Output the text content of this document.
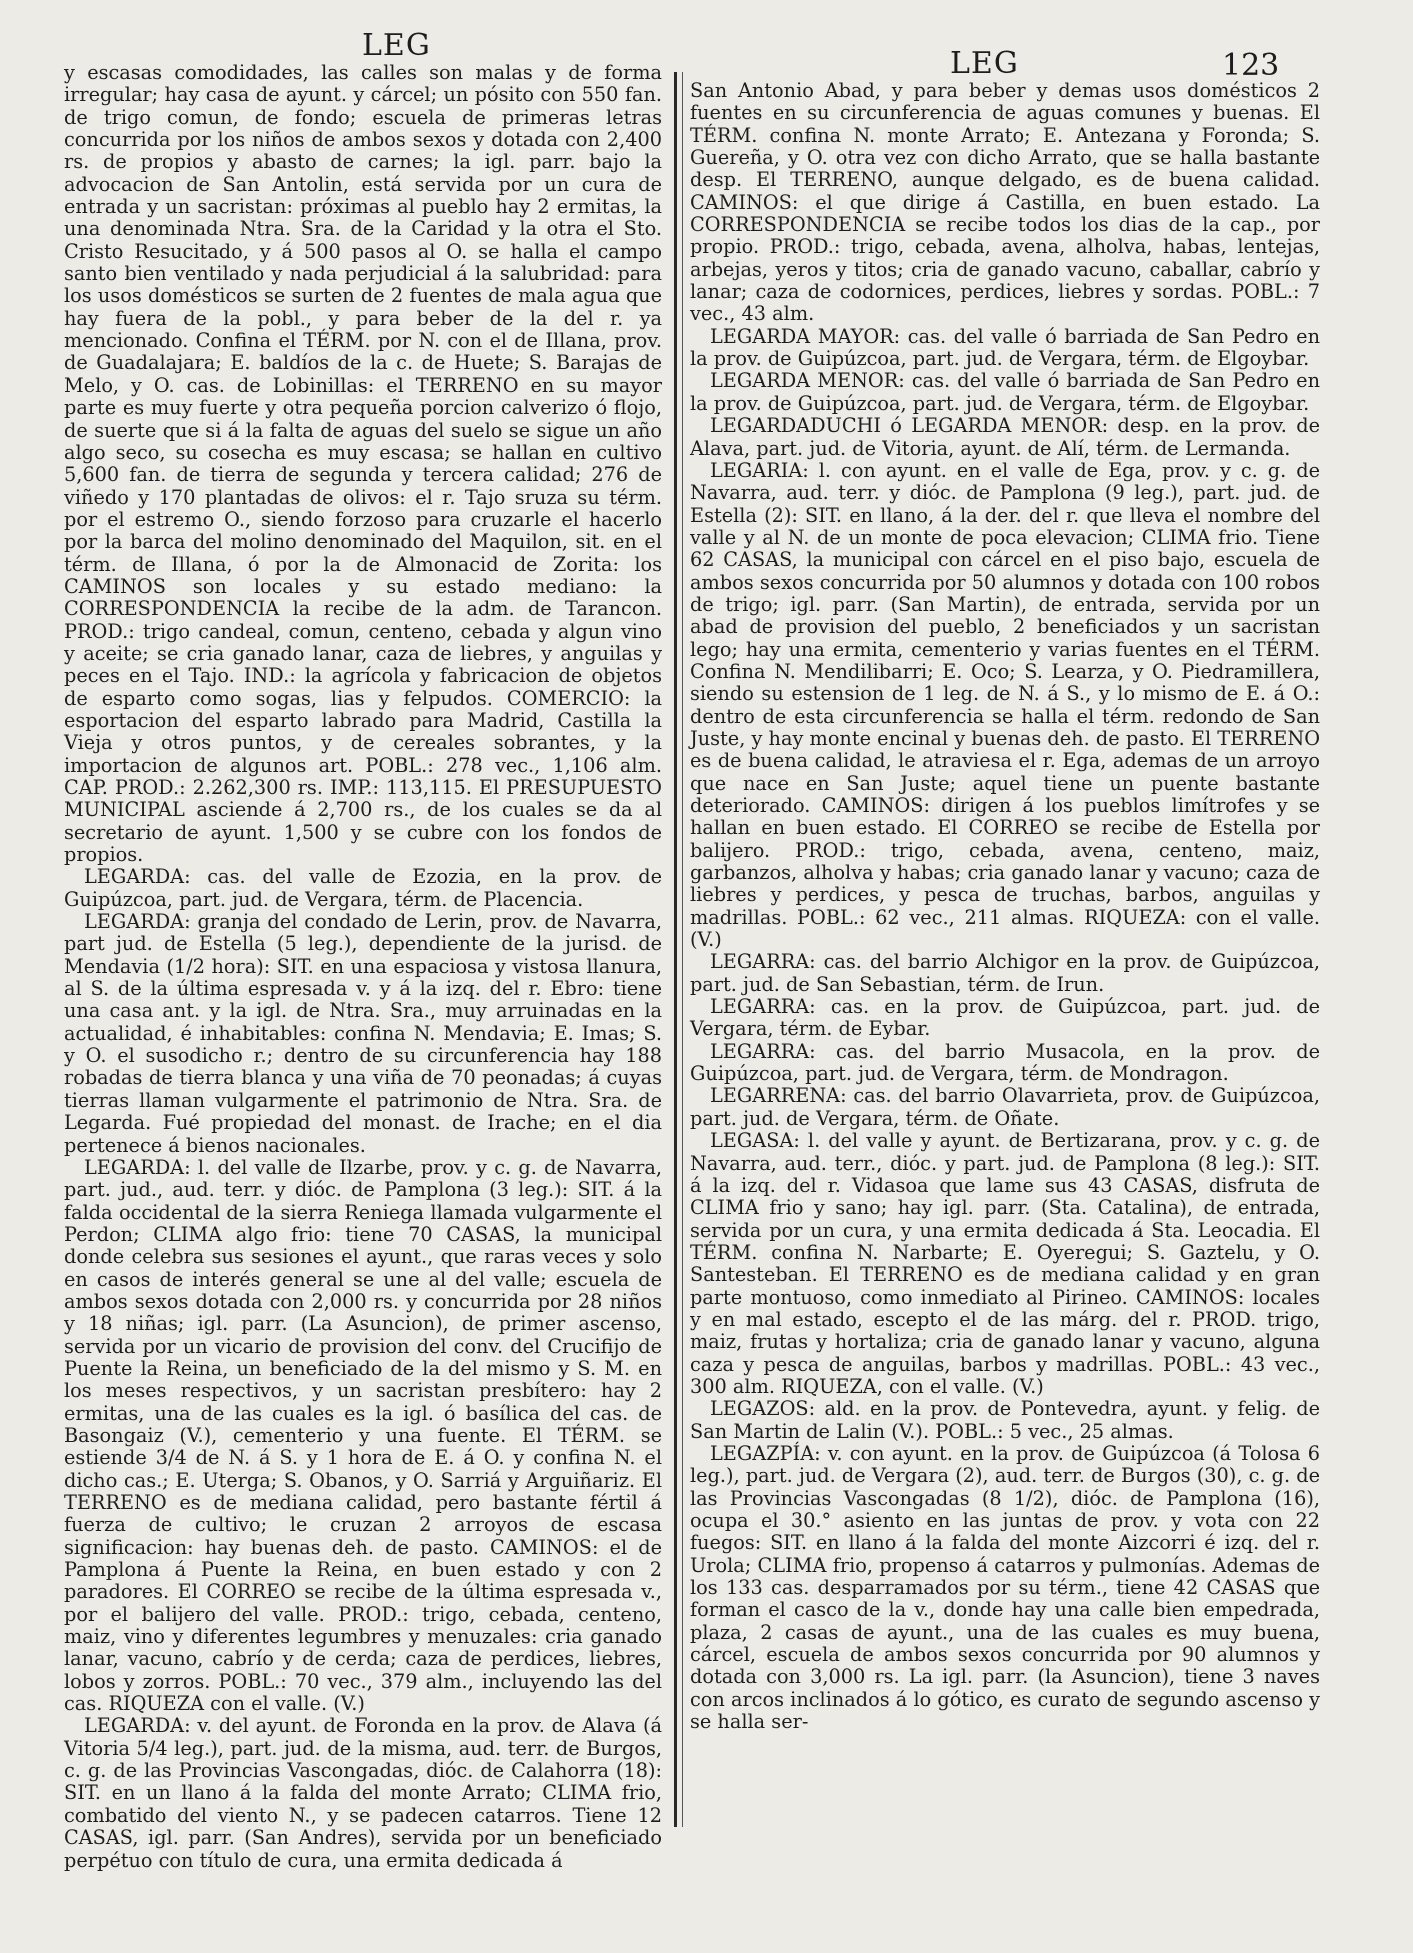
LEG
LEG	123

y escasas comodidades, las calles son malas y de forma irregular; hay casa de ayunt. y cárcel; un pósito con 550 fan. de trigo comun, de fondo; escuela de primeras letras concurrida por los niños de ambos sexos y dotada con 2,400 rs. de propios y abasto de carnes; la igl. parr. bajo la advocacion de San Antolin, está servida por un cura de entrada y un sacristan: próximas al pueblo hay 2 ermitas, la una denominada Ntra. Sra. de la Caridad y la otra el Sto. Cristo Resucitado, y á 500 pasos al O. se halla el campo santo bien ventilado y nada perjudicial á la salubridad: para los usos domésticos se surten de 2 fuentes de mala agua que hay fuera de la pobl., y para beber de la del r. ya mencionado. Confina el TÉRM. por N. con el de Illana, prov. de Guadalajara; E. baldíos de la c. de Huete; S. Barajas de Melo, y O. cas. de Lobinillas: el TERRENO en su mayor parte es muy fuerte y otra pequeña porcion calverizo ó flojo, de suerte que si á la falta de aguas del suelo se sigue un año algo seco, su cosecha es muy escasa; se hallan en cultivo 5,600 fan. de tierra de segunda y tercera calidad; 276 de viñedo y 170 plantadas de olivos: el r. Tajo sruza su térm. por el estremo O., siendo forzoso para cruzarle el hacerlo por la barca del molino denominado del Maquilon, sit. en el térm. de Illana, ó por la de Almonacid de Zorita: los CAMINOS son locales y su estado mediano: la CORRESPONDENCIA la recibe de la adm. de Tarancon. PROD.: trigo candeal, comun, centeno, cebada y algun vino y aceite; se cria ganado lanar, caza de liebres, y anguilas y peces en el Tajo. IND.: la agrícola y fabricacion de objetos de esparto como sogas, lias y felpudos. COMERCIO: la esportacion del esparto labrado para Madrid, Castilla la Vieja y otros puntos, y de cereales sobrantes, y la importacion de algunos art. POBL.: 278 vec., 1,106 alm. CAP. PROD.: 2.262,300 rs. IMP.: 113,115. El PRESUPUESTO MUNICIPAL asciende á 2,700 rs., de los cuales se da al secretario de ayunt. 1,500 y se cubre con los fondos de propios.

LEGARDA: cas. del valle de Ezozia, en la prov. de Guipúzcoa, part. jud. de Vergara, térm. de Placencia.

LEGARDA: granja del condado de Lerin, prov. de Navarra, part jud. de Estella (5 leg.), dependiente de la jurisd. de Mendavia (1/2 hora): SIT. en una espaciosa y vistosa llanura, al S. de la última espresada v. y á la izq. del r. Ebro: tiene una casa ant. y la igl. de Ntra. Sra., muy arruinadas en la actualidad, é inhabitables: confina N. Mendavia; E. Imas; S. y O. el susodicho r.; dentro de su circunferencia hay 188 robadas de tierra blanca y una viña de 70 peonadas; á cuyas tierras llaman vulgarmente el patrimonio de Ntra. Sra. de Legarda. Fué propiedad del monast. de Irache; en el dia pertenece á bienos nacionales.

LEGARDA: l. del valle de Ilzarbe, prov. y c. g. de Navarra, part. jud., aud. terr. y dióc. de Pamplona (3 leg.): SIT. á la falda occidental de la sierra Reniega llamada vulgarmente el Perdon; CLIMA algo frio: tiene 70 CASAS, la municipal donde celebra sus sesiones el ayunt., que raras veces y solo en casos de interés general se une al del valle; escuela de ambos sexos dotada con 2,000 rs. y concurrida por 28 niños y 18 niñas; igl. parr. (La Asuncion), de primer ascenso, servida por un vicario de provision del conv. del Crucifijo de Puente la Reina, un beneficiado de la del mismo y S. M. en los meses respectivos, y un sacristan presbítero: hay 2 ermitas, una de las cuales es la igl. ó basílica del cas. de Basongaiz (V.), cementerio y una fuente. El TÉRM. se estiende 3/4 de N. á S. y 1 hora de E. á O. y confina N. el dicho cas.; E. Uterga; S. Obanos, y O. Sarriá y Arguiñariz. El TERRENO es de mediana calidad, pero bastante fértil á fuerza de cultivo; le cruzan 2 arroyos de escasa significacion: hay buenas deh. de pasto. CAMINOS: el de Pamplona á Puente la Reina, en buen estado y con 2 paradores. El CORREO se recibe de la última espresada v., por el balijero del valle. PROD.: trigo, cebada, centeno, maiz, vino y diferentes legumbres y menuzales: cria ganado lanar, vacuno, cabrío y de cerda; caza de perdices, liebres, lobos y zorros. POBL.: 70 vec., 379 alm., incluyendo las del cas. RIQUEZA con el valle. (V.)

LEGARDA: v. del ayunt. de Foronda en la prov. de Alava (á Vitoria 5/4 leg.), part. jud. de la misma, aud. terr. de Burgos, c. g. de las Provincias Vascongadas, dióc. de Calahorra (18): SIT. en un llano á la falda del monte Arrato; CLIMA frio, combatido del viento N., y se padecen catarros. Tiene 12 CASAS, igl. parr. (San Andres), servida por un beneficiado perpétuo con título de cura, una ermita dedicada á

San Antonio Abad, y para beber y demas usos domésticos 2 fuentes en su circunferencia de aguas comunes y buenas. El TÉRM. confina N. monte Arrato; E. Antezana y Foronda; S. Guereña, y O. otra vez con dicho Arrato, que se halla bastante desp. El TERRENO, aunque delgado, es de buena calidad. CAMINOS: el que dirige á Castilla, en buen estado. La CORRESPONDENCIA se recibe todos los dias de la cap., por propio. PROD.: trigo, cebada, avena, alholva, habas, lentejas, arbejas, yeros y titos; cria de ganado vacuno, caballar, cabrío y lanar; caza de codornices, perdices, liebres y sordas. POBL.: 7 vec., 43 alm.

LEGARDA MAYOR: cas. del valle ó barriada de San Pedro en la prov. de Guipúzcoa, part. jud. de Vergara, térm. de Elgoybar.

LEGARDA MENOR: cas. del valle ó barriada de San Pedro en la prov. de Guipúzcoa, part. jud. de Vergara, térm. de Elgoybar.

LEGARDADUCHI ó LEGARDA MENOR: desp. en la prov. de Alava, part. jud. de Vitoria, ayunt. de Alí, térm. de Lermanda.

LEGARIA: l. con ayunt. en el valle de Ega, prov. y c. g. de Navarra, aud. terr. y dióc. de Pamplona (9 leg.), part. jud. de Estella (2): SIT. en llano, á la der. del r. que lleva el nombre del valle y al N. de un monte de poca elevacion; CLIMA frio. Tiene 62 CASAS, la municipal con cárcel en el piso bajo, escuela de ambos sexos concurrida por 50 alumnos y dotada con 100 robos de trigo; igl. parr. (San Martin), de entrada, servida por un abad de provision del pueblo, 2 beneficiados y un sacristan lego; hay una ermita, cementerio y varias fuentes en el TÉRM. Confina N. Mendilibarri; E. Oco; S. Learza, y O. Piedramillera, siendo su estension de 1 leg. de N. á S., y lo mismo de E. á O.: dentro de esta circunferencia se halla el térm. redondo de San Juste, y hay monte encinal y buenas deh. de pasto. El TERRENO es de buena calidad, le atraviesa el r. Ega, ademas de un arroyo que nace en San Juste; aquel tiene un puente bastante deteriorado. CAMINOS: dirigen á los pueblos limítrofes y se hallan en buen estado. El CORREO se recibe de Estella por balijero. PROD.: trigo, cebada, avena, centeno, maiz, garbanzos, alholva y habas; cria ganado lanar y vacuno; caza de liebres y perdices, y pesca de truchas, barbos, anguilas y madrillas. POBL.: 62 vec., 211 almas. RIQUEZA: con el valle. (V.)

LEGARRA: cas. del barrio Alchigor en la prov. de Guipúzcoa, part. jud. de San Sebastian, térm. de Irun.

LEGARRA: cas. en la prov. de Guipúzcoa, part. jud. de Vergara, térm. de Eybar.

LEGARRA: cas. del barrio Musacola, en la prov. de Guipúzcoa, part. jud. de Vergara, térm. de Mondragon.

LEGARRENA: cas. del barrio Olavarrieta, prov. de Guipúzcoa, part. jud. de Vergara, térm. de Oñate.

LEGASA: l. del valle y ayunt. de Bertizarana, prov. y c. g. de Navarra, aud. terr., dióc. y part. jud. de Pamplona (8 leg.): SIT. á la izq. del r. Vidasoa que lame sus 43 CASAS, disfruta de CLIMA frio y sano; hay igl. parr. (Sta. Catalina), de entrada, servida por un cura, y una ermita dedicada á Sta. Leocadia. El TÉRM. confina N. Narbarte; E. Oyeregui; S. Gaztelu, y O. Santesteban. El TERRENO es de mediana calidad y en gran parte montuoso, como inmediato al Pirineo. CAMINOS: locales y en mal estado, escepto el de las márg. del r. PROD. trigo, maiz, frutas y hortaliza; cria de ganado lanar y vacuno, alguna caza y pesca de anguilas, barbos y madrillas. POBL.: 43 vec., 300 alm. RIQUEZA, con el valle. (V.)

LEGAZOS: ald. en la prov. de Pontevedra, ayunt. y felig. de San Martin de Lalin (V.). POBL.: 5 vec., 25 almas.

LEGAZPÍA: v. con ayunt. en la prov. de Guipúzcoa (á Tolosa 6 leg.), part. jud. de Vergara (2), aud. terr. de Burgos (30), c. g. de las Provincias Vascongadas (8 1/2), dióc. de Pamplona (16), ocupa el 30.° asiento en las juntas de prov. y vota con 22 fuegos: SIT. en llano á la falda del monte Aizcorri é izq. del r. Urola; CLIMA frio, propenso á catarros y pulmonías. Ademas de los 133 cas. desparramados por su térm., tiene 42 CASAS que forman el casco de la v., donde hay una calle bien empedrada, plaza, 2 casas de ayunt., una de las cuales es muy buena, cárcel, escuela de ambos sexos concurrida por 90 alumnos y dotada con 3,000 rs. La igl. parr. (la Asuncion), tiene 3 naves con arcos inclinados á lo gótico, es curato de segundo ascenso y se halla ser-
